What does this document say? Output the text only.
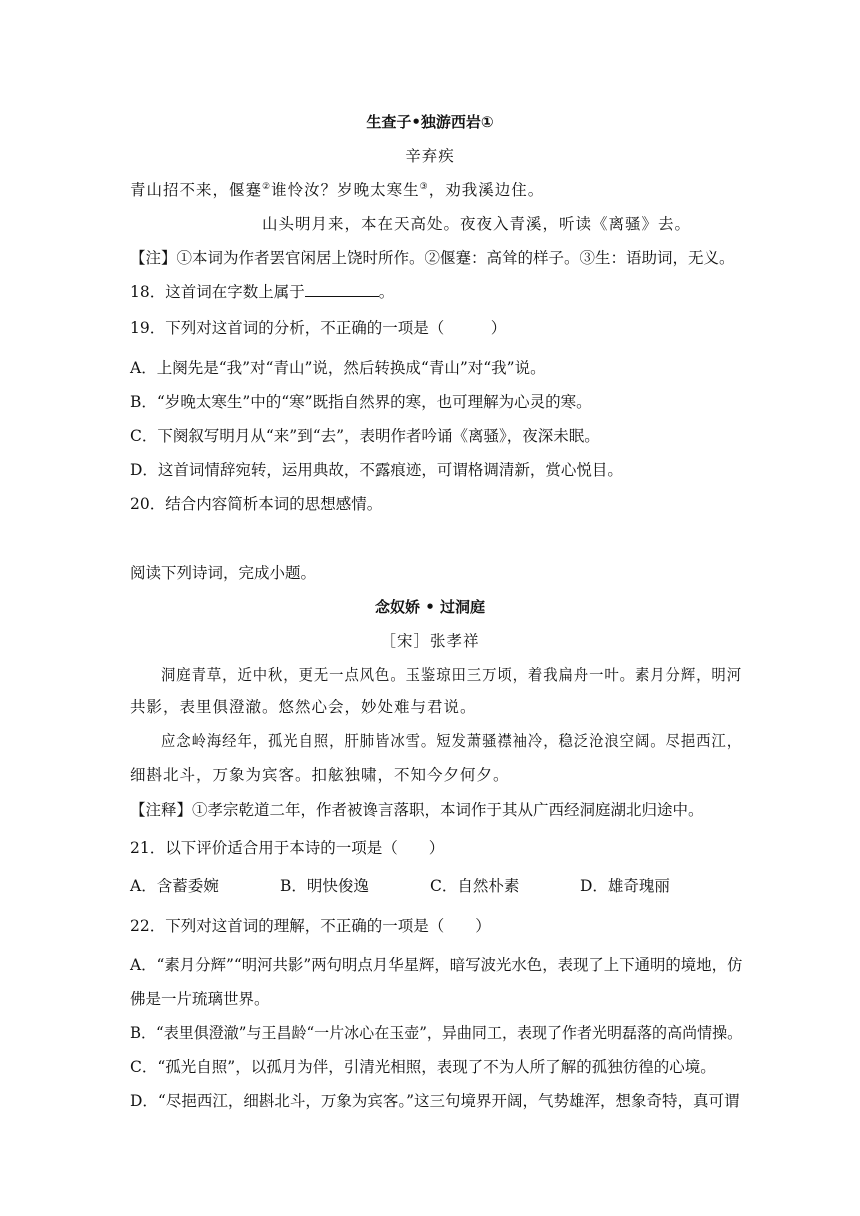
生查子•独游西岩①
辛弃疾
青山招不来，偃蹇②谁怜汝？岁晚太寒生③，劝我溪边住。
山头明月来，本在天高处。夜夜入青溪，听读《离骚》去。
【注】①本词为作者罢官闲居上饶时所作。②偃蹇：高耸的样子。③生：语助词，无义。
18．这首词在字数上属于	。
19．下列对这首词的分析，不正确的一项是（　　　）
A．上阕先是“我”对“青山”说，然后转换成“青山”对“我”说。
B．“岁晚太寒生”中的“寒”既指自然界的寒，也可理解为心灵的寒。
C．下阕叙写明月从“来”到“去”，表明作者吟诵《离骚》，夜深未眠。
D．这首词情辞宛转，运用典故，不露痕迹，可谓格调清新，赏心悦目。
20．结合内容简析本词的思想感情。
阅读下列诗词，完成小题。
念奴娇 • 过洞庭
［宋］张孝祥
洞庭青草，近中秋，更无一点风色。玉鉴琼田三万顷，着我扁舟一叶。素月分辉，明河
共影，表里俱澄澈。悠然心会，妙处难与君说。
应念岭海经年，孤光自照，肝肺皆冰雪。短发萧骚襟袖冷，稳泛沧浪空阔。尽挹西江，
细斟北斗，万象为宾客。扣舷独啸，不知今夕何夕。
【注释】①孝宗乾道二年，作者被谗言落职，本词作于其从广西经洞庭湖北归途中。
21．以下评价适合用于本诗的一项是（　　）
A．含蓄委婉	B．明快俊逸	C．自然朴素	D．雄奇瑰丽
22．下列对这首词的理解，不正确的一项是（　　）
A．“素月分辉”“明河共影”两句明点月华星辉，暗写波光水色，表现了上下通明的境地，仿
佛是一片琉璃世界。
B．“表里俱澄澈”与王昌龄“一片冰心在玉壶”，异曲同工，表现了作者光明磊落的高尚情操。
C．“孤光自照”，以孤月为伴，引清光相照，表现了不为人所了解的孤独彷徨的心境。
D．“尽挹西江，细斟北斗，万象为宾客。”这三句境界开阔，气势雄浑，想象奇特，真可谓
